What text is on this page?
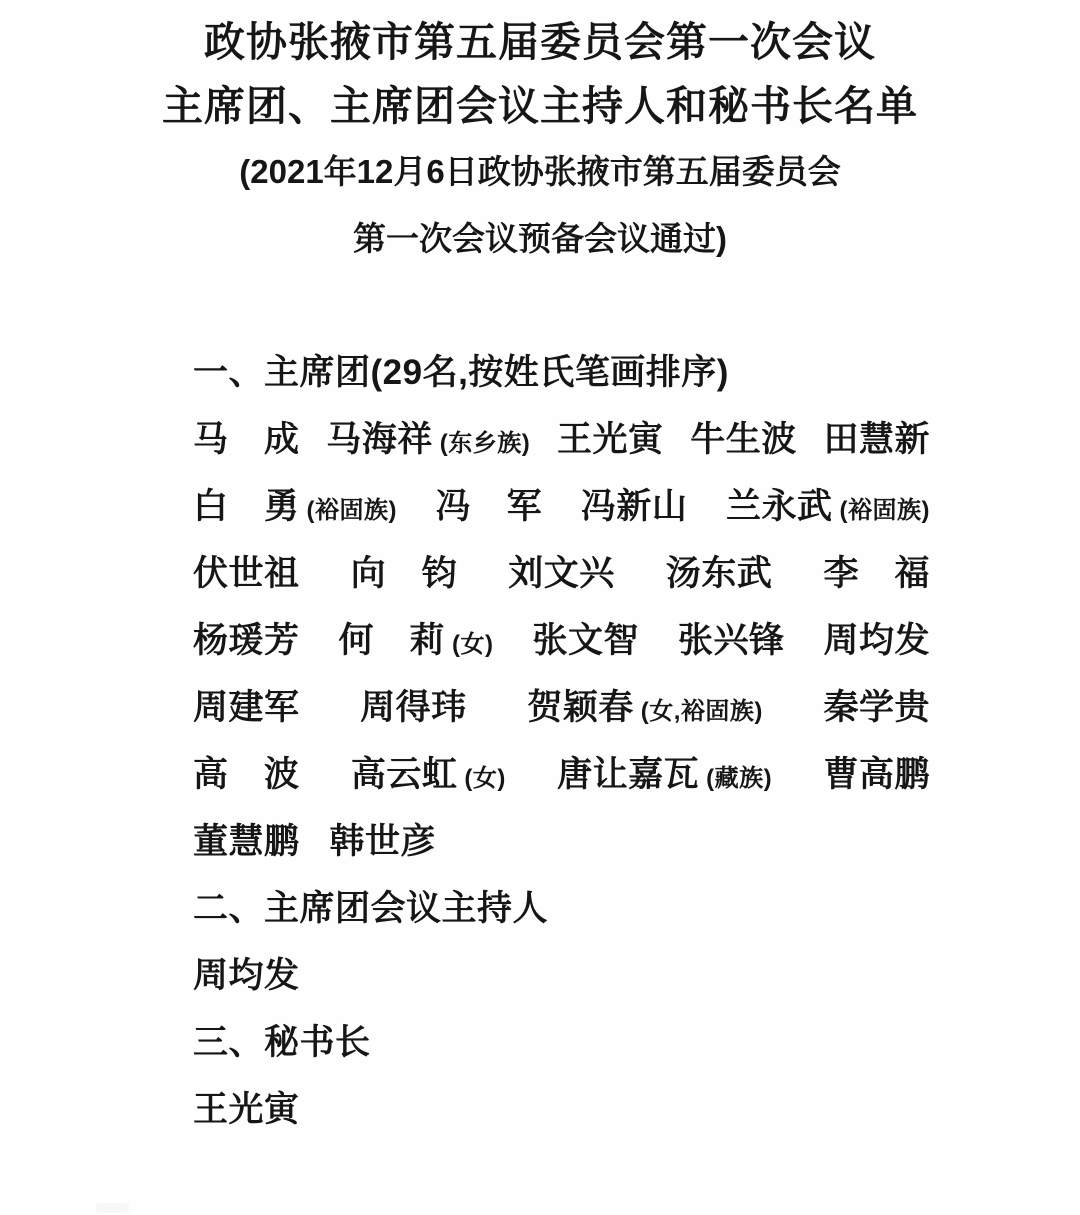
政协张掖市第五届委员会第一次会议
主席团、主席团会议主持人和秘书长名单

(2021年12月6日政协张掖市第五届委员会

第一次会议预备会议通过)

一、主席团(29名,按姓氏笔画排序)
马　成 马海祥 (东乡族) 王光寅 牛生波 田慧新
白　勇 (裕固族) 冯　军 冯新山 兰永武 (裕固族)
伏世祖 向　钧 刘文兴 汤东武 李　福
杨瑗芳 何　莉 (女) 张文智 张兴锋 周均发
周建军 周得玮 贺颖春 (女,裕固族) 秦学贵
高　波 高云虹 (女) 唐让嘉瓦 (藏族) 曹高鹏
董慧鹏 韩世彦
二、主席团会议主持人
周均发
三、秘书长
王光寅
